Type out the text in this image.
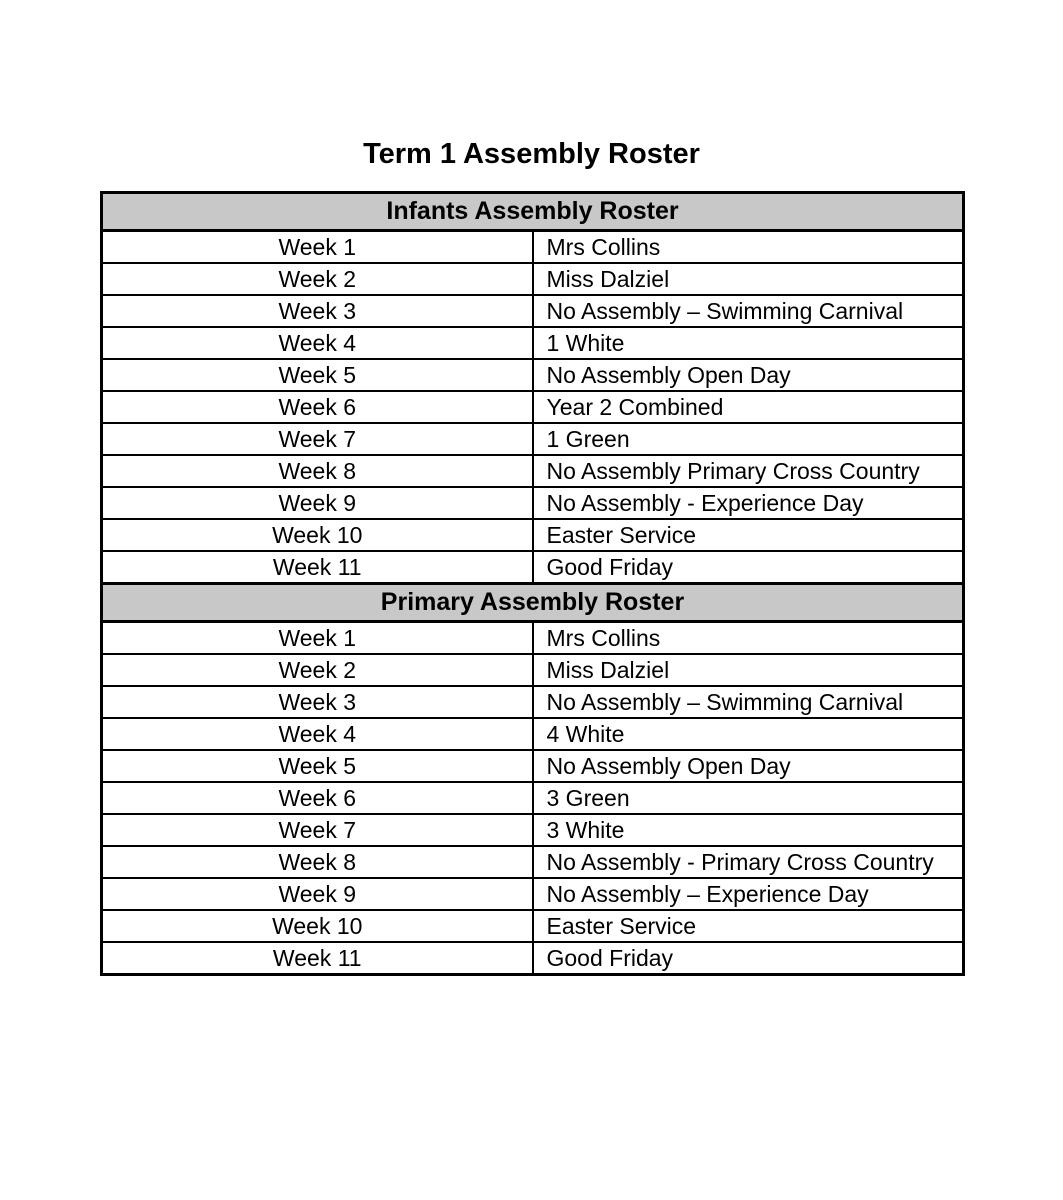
Term 1 Assembly Roster
Infants Assembly Roster	
Week 1	Mrs Collins
Week 2	Miss Dalziel
Week 3	No Assembly – Swimming Carnival
Week 4	1 White
Week 5	No Assembly Open Day
Week 6	Year 2 Combined
Week 7	1 Green
Week 8	No Assembly Primary Cross Country
Week 9	No Assembly - Experience Day
Week 10	Easter Service
Week 11	Good Friday
Primary Assembly Roster	
Week 1	Mrs Collins
Week 2	Miss Dalziel
Week 3	No Assembly – Swimming Carnival
Week 4	4 White
Week 5	No Assembly Open Day
Week 6	3 Green
Week 7	3 White
Week 8	No Assembly - Primary Cross Country
Week 9	No Assembly – Experience Day
Week 10	Easter Service
Week 11	Good Friday
